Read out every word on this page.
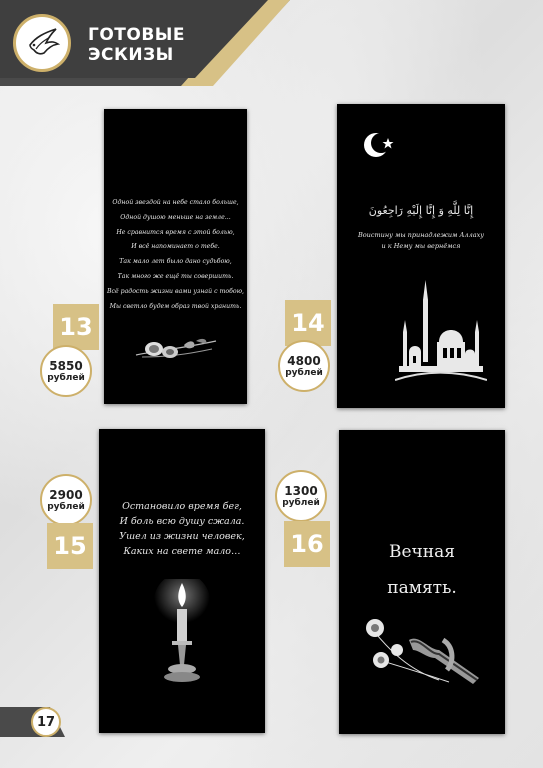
ГОТОВЫЕ
ЭСКИЗЫ
Одной звездой на небе стало больше,
Одной душою меньше на земле...
Не сравнится время с этой болью,
И всё напоминает о тебе.
Так мало лет было дано судьбою,
Так много же ещё ты совершить.
Всё радость жизни вами узнай с тобою,
Мы светло будем образ твой хранить.
13
5850
рублей
إِنَّا لِلَّهِ وَ إِنَّا إِلَيْهِ رَاجِعُونَ
Воистину мы принадлежим Аллаху
и к Нему мы вернёмся
14
4800
рублей
Остановило время бег,
И боль всю душу сжала.
Ушел из жизни человек,
Каких на свете мало…
2900
рублей
15	Вечная
память.
1300
рублей
16
17
